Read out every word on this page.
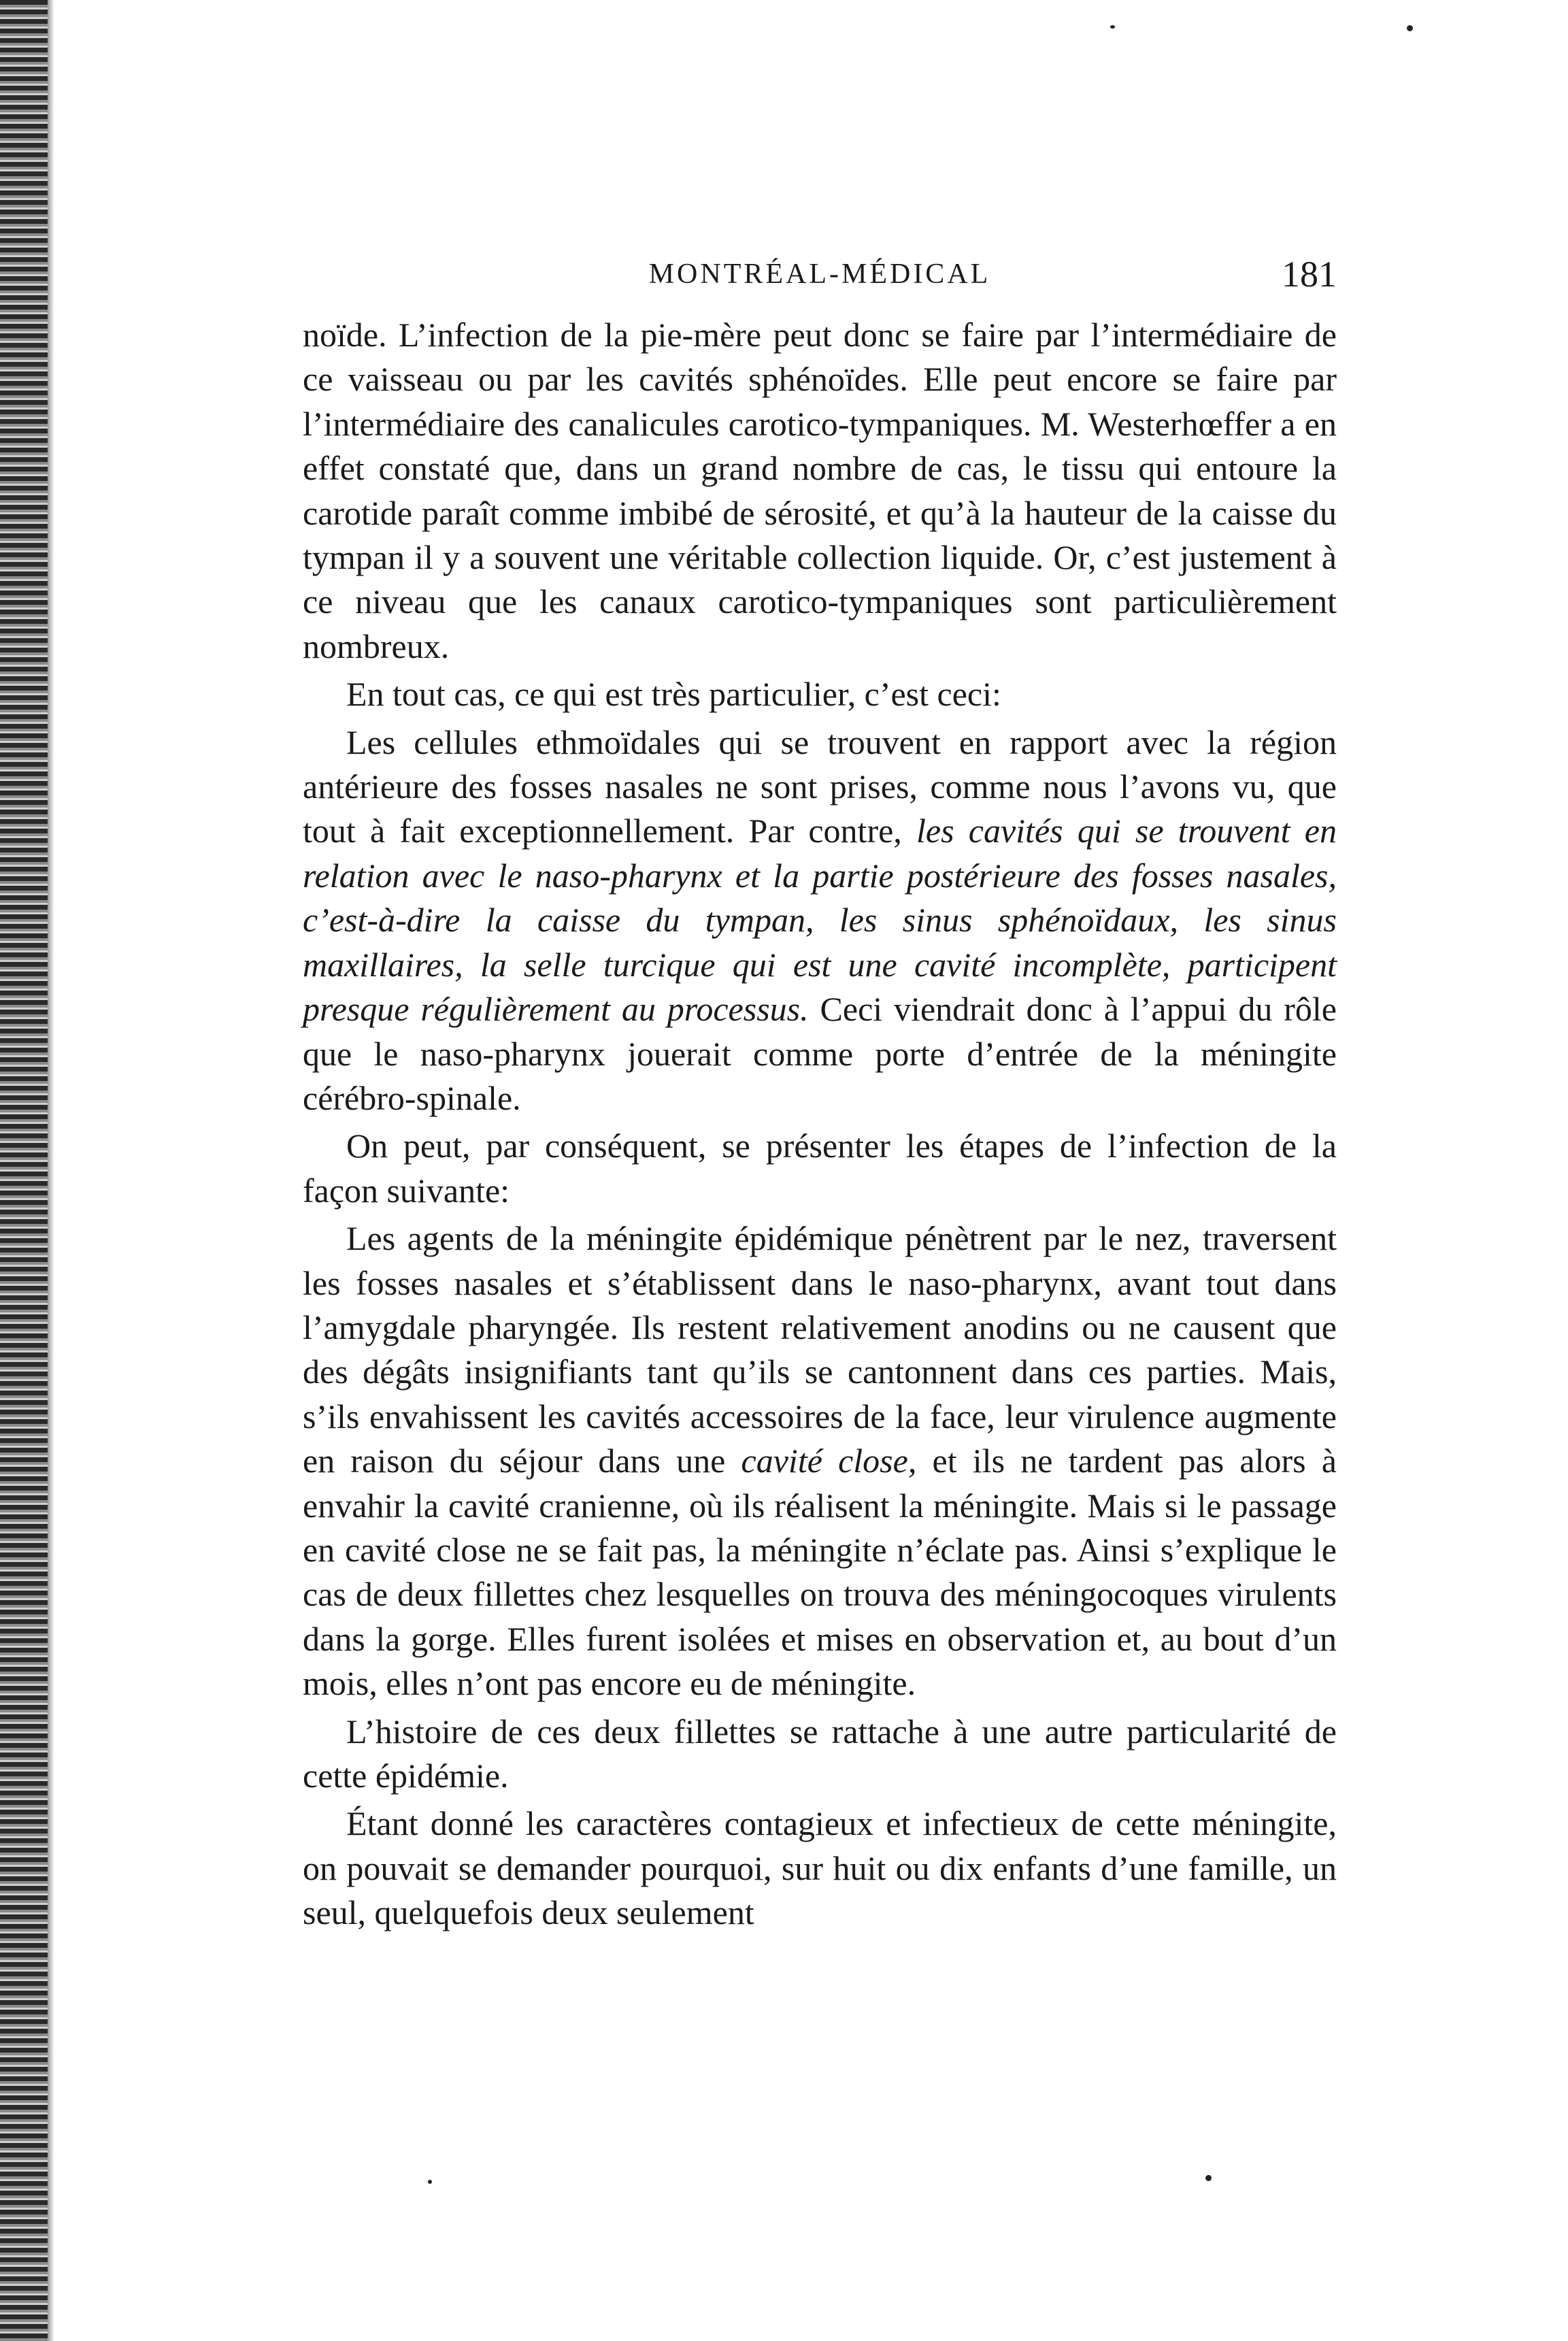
MONTRÉAL-MÉDICAL	181

noïde. L’infection de la pie-mère peut donc se faire par l’intermédiaire de ce vaisseau ou par les cavités sphénoïdes. Elle peut encore se faire par l’intermédiaire des canalicules carotico-tympaniques. M. Westerhœffer a en effet constaté que, dans un grand nombre de cas, le tissu qui entoure la carotide paraît comme imbibé de sérosité, et qu’à la hauteur de la caisse du tympan il y a souvent une véritable collection liquide. Or, c’est justement à ce niveau que les canaux carotico-tympaniques sont particulièrement nombreux.

En tout cas, ce qui est très particulier, c’est ceci:

Les cellules ethmoïdales qui se trouvent en rapport avec la région antérieure des fosses nasales ne sont prises, comme nous l’avons vu, que tout à fait exceptionnellement. Par contre, les cavités qui se trouvent en relation avec le naso-pharynx et la partie postérieure des fosses nasales, c’est-à-dire la caisse du tympan, les sinus sphénoïdaux, les sinus maxillaires, la selle turcique qui est une cavité incomplète, participent presque régulièrement au processus. Ceci viendrait donc à l’appui du rôle que le naso-pharynx jouerait comme porte d’entrée de la méningite cérébro-spinale.

On peut, par conséquent, se présenter les étapes de l’infection de la façon suivante:

Les agents de la méningite épidémique pénètrent par le nez, traversent les fosses nasales et s’établissent dans le naso-pharynx, avant tout dans l’amygdale pharyngée. Ils restent relativement anodins ou ne causent que des dégâts insignifiants tant qu’ils se cantonnent dans ces parties. Mais, s’ils envahissent les cavités accessoires de la face, leur virulence augmente en raison du séjour dans une cavité close, et ils ne tardent pas alors à envahir la cavité cranienne, où ils réalisent la méningite. Mais si le passage en cavité close ne se fait pas, la méningite n’éclate pas. Ainsi s’explique le cas de deux fillettes chez lesquelles on trouva des méningocoques virulents dans la gorge. Elles furent isolées et mises en observation et, au bout d’un mois, elles n’ont pas encore eu de méningite.

L’histoire de ces deux fillettes se rattache à une autre particularité de cette épidémie.

Étant donné les caractères contagieux et infectieux de cette méningite, on pouvait se demander pourquoi, sur huit ou dix enfants d’une famille, un seul, quelquefois deux seulement
